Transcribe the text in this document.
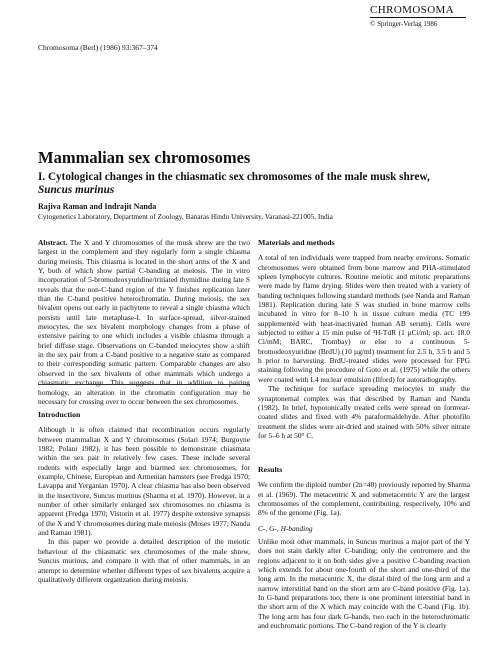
Chromosoma (Berl) (1986) 93:367–374
CHROMOSOMA
© Springer-Verlag 1986
Mammalian sex chromosomes
I. Cytological changes in the chiasmatic sex chromosomes of the male musk shrew,
Suncus murinus
Rajiva Raman and Indrajit Nanda
Cytogenetics Laboratory, Department of Zoology, Banaras Hindu University, Varanasi-221005, India

Abstract. The X and Y chromosomes of the musk shrew are the two largest in the complement and they regularly form a single chiasma during meiosis. This chiasma is located in the short arms of the X and Y, both of which show partial C-banding at meiosis. The in vitro incorporation of 5-bromodeoxyuridine/tritiated thymidine during late S reveals that the non-C-band region of the Y finishes replication later than the C-band positive heterochromatin. During meiosis, the sex bivalent opens out early in pachytene to reveal a single chiasma which persists until late metaphase-I. In surface-spread, silver-stained meiocytes, the sex bivalent morphology changes from a phase of extensive pairing to one which includes a visible chiasma through a brief diffuse stage. Observations on C-banded meiocytes show a shift in the sex pair from a C-band positive to a negative state as compared to their corresponding somatic pattern. Comparable changes are also observed in the sex bivalents of other mammals which undergo a chiasmatic exchange. This suggests that in addition to pairing homology, an alteration in the chromatin configuration may be necessary for crossing over to occur between the sex chromosomes.

Introduction

Although it is often claimed that recombination occurs regularly between mammalian X and Y chromosomes (Solari 1974; Burgoyne 1982; Polani 1982), it has been possible to demonstrate chiasmata within the sex pair in relatively few cases. These include several rodents with especially large and biarmed sex chromosomes, for example, Chinese, European and Armenian hamsters (see Fredga 1970; Lavappa and Yerganian 1970). A clear chiasma has also been observed in the insectivore, Suncus murinus (Sharma et al. 1970). However, in a number of other similarly enlarged sex chromosomes no chiasma is apparent (Fredga 1970; Vistorin et al. 1977) despite extensive synapsis of the X and Y chromosomes during male meiosis (Moses 1977; Nanda and Raman 1981).

In this paper we provide a detailed description of the meiotic behaviour of the chiasmatic sex chromosomes of the male shrew, Suncus murinus, and compare it with that of other mammals, in an attempt to determine whether different types of sex bivalents acquire a qualitatively different organization during meiosis.

Materials and methods

A total of ten individuals were trapped from nearby environs. Somatic chromosomes were obtained from bone marrow and PHA-stimulated spleen lymphocyte cultures. Routine meiotic and mitotic preparations were made by flame drying. Slides were then treated with a variety of banding techniques following standard methods (see Nanda and Raman 1981). Replication during late S was studied in bone marrow cells incubated in vitro for 8–10 h in tissue culture media (TC 199 supplemented with heat-inactivated human AB serum). Cells were subjected to either a 15 min pulse of ³H-TdR (1 µCi/ml; sp. act. 18.0 Ci/mM; BARC, Trombay) or else to a continuous 5-bromodeoxyuridine (BrdU) (10 µg/ml) treatment for 2.5 h, 3.5 h and 5 h prior to harvesting. BrdU-treated slides were processed for FPG staining following the procedure of Goto et al. (1975) while the others were coated with L4 nuclear emulsion (Ilford) for autoradiography.

The technique for surface spreading meiocytes to study the synaptonemal complex was that described by Raman and Nanda (1982). In brief, hypotonically treated cells were spread on formvar-coated slides and fixed with 4% paraformaldehyde. After photofilo treatment the slides were air-dried and stained with 50% silver nitrate for 5–6 h at 50° C.

Results

We confirm the diploid number (2n=40) previously reported by Sharma et al. (1969). The metacentric X and submetacentric Y are the largest chromosomes of the complement, contributing, respectively, 10% and 8% of the genome (Fig. 1a).

C-, G-, H-banding

Unlike most other mammals, in Suncus murinus a major part of the Y does not stain darkly after C-banding; only the centromere and the regions adjacent to it on both sides give a positive C-banding reaction which extends for about one-fourth of the short and one-third of the long arm. In the metacentric X, the distal third of the long arm and a narrow interstitial band on the short arm are C-band positive (Fig. 1a). In G-band preparations too, there is one prominent interstitial band in the short arm of the X which may coincide with the C-band (Fig. 1b). The long arm has four dark G-bands, two each in the heterochromatic and euchromatic portions. The C-band region of the Y is clearly
